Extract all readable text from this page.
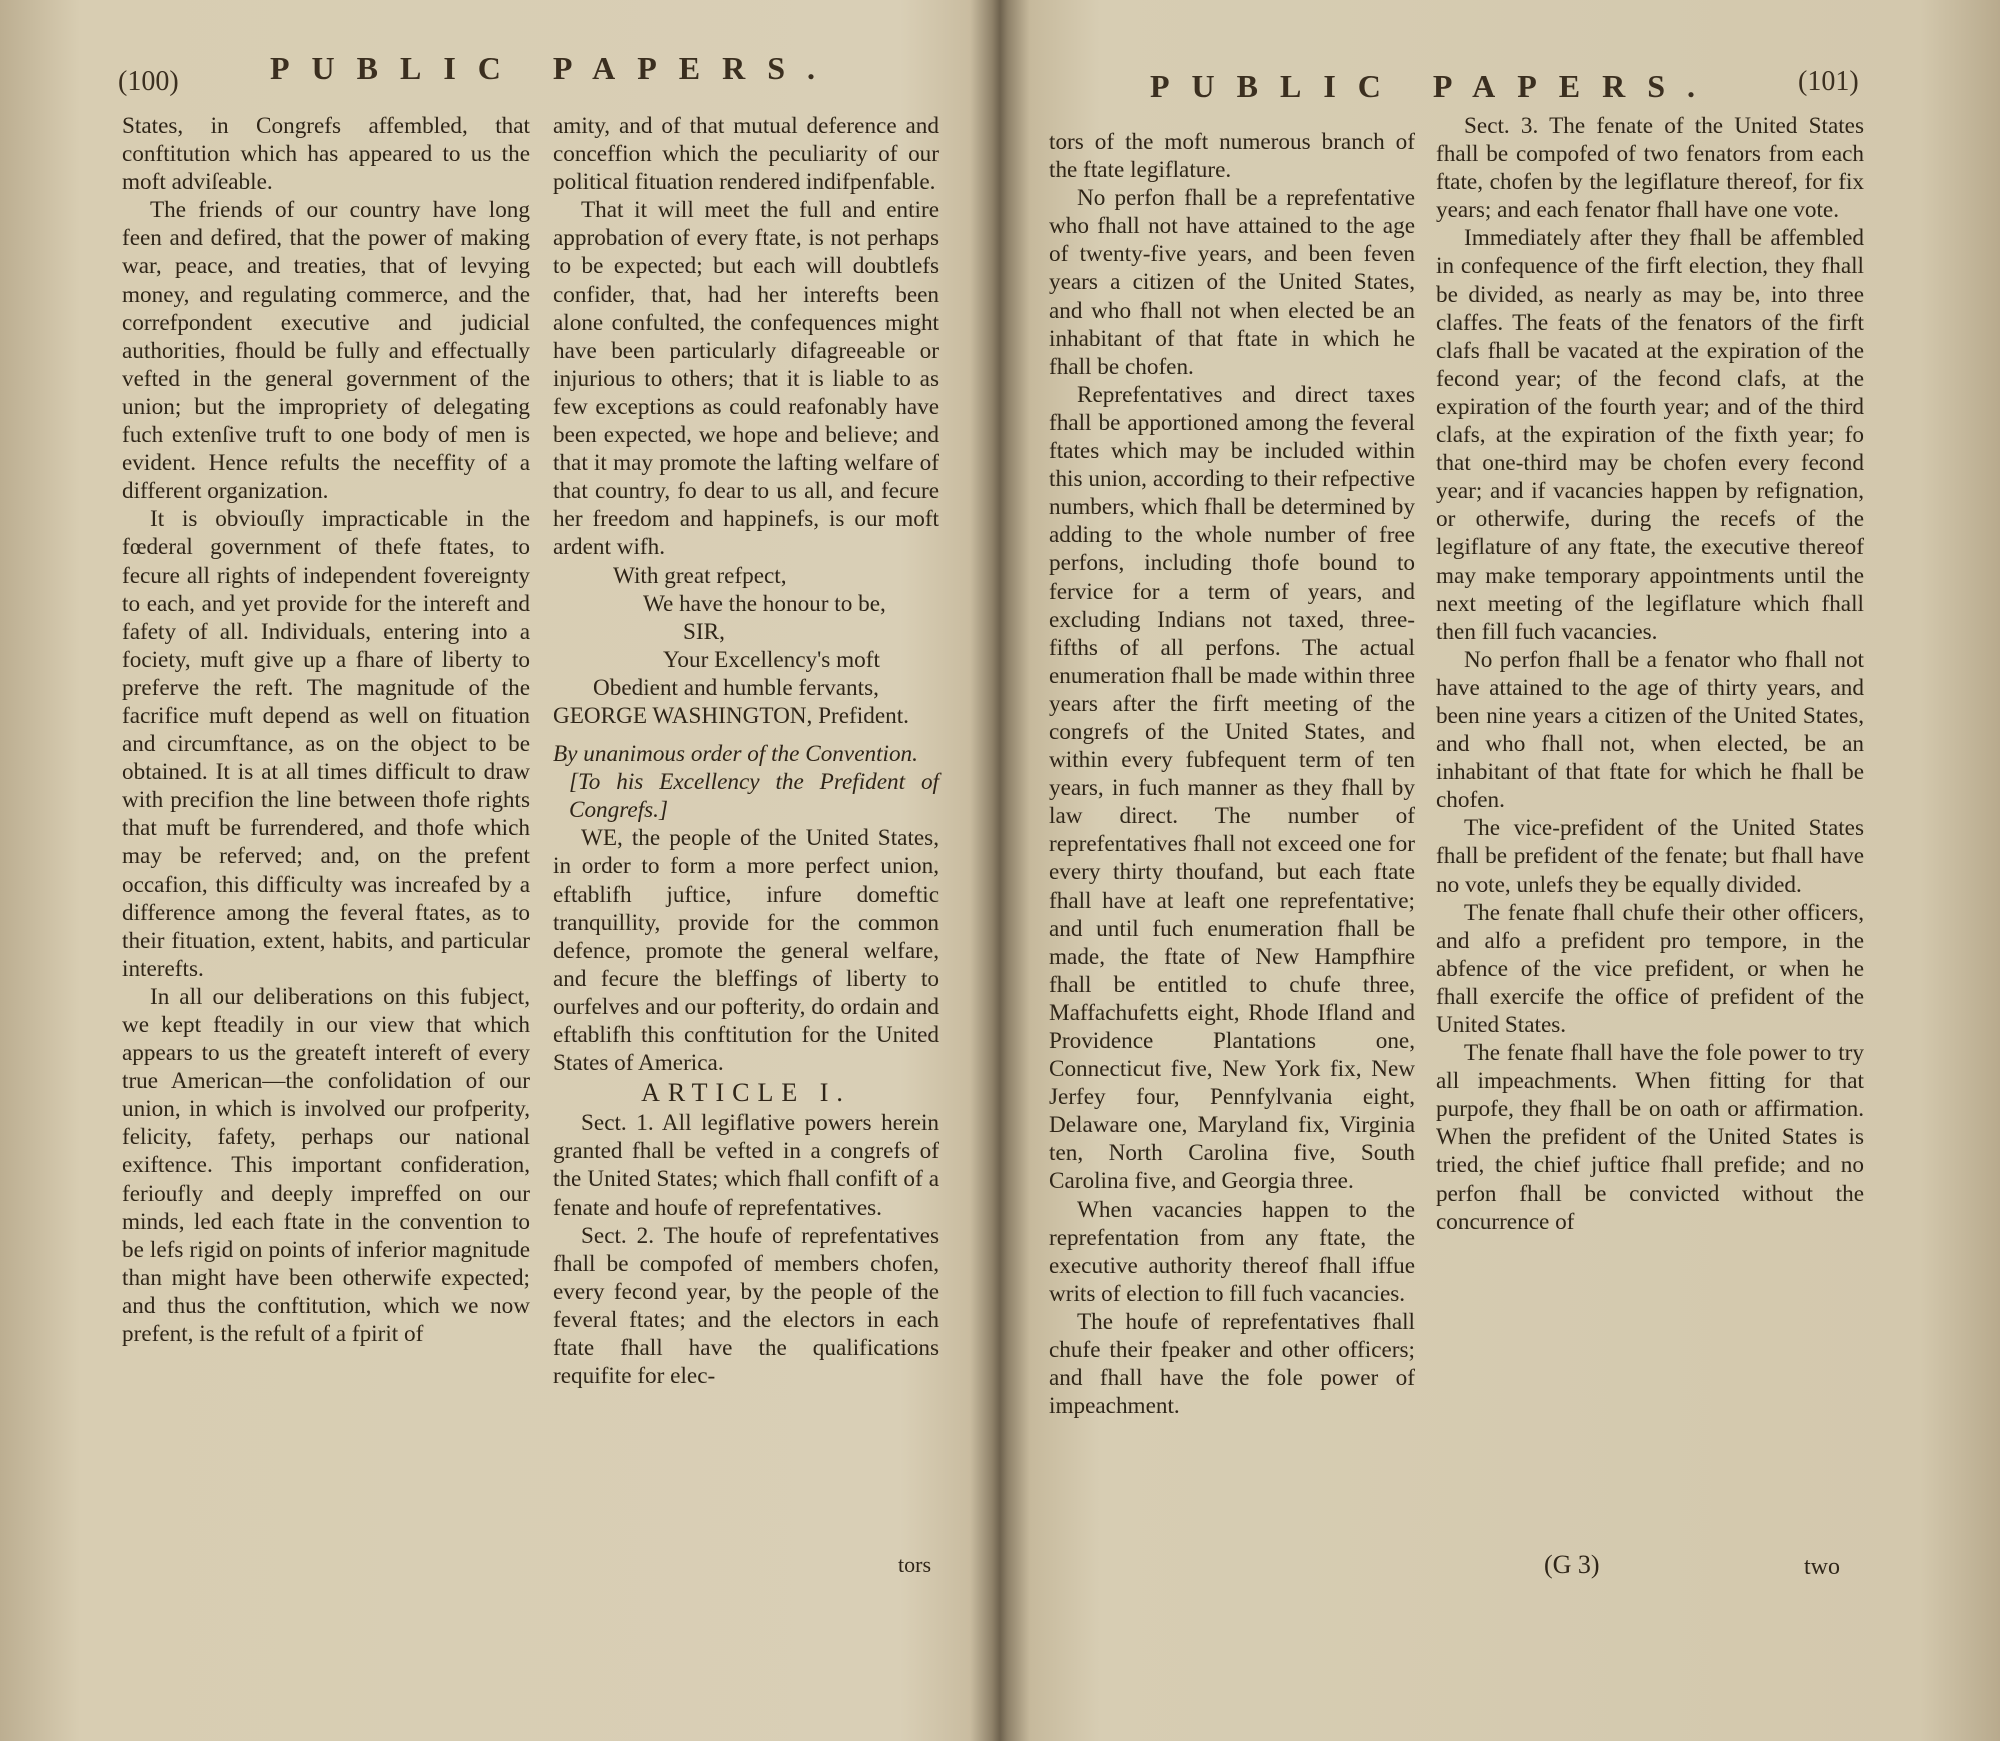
(100)	PUBLIC PAPERS.

States, in Congrefs affembled, that conftitution which has appeared to us the moft adviſeable.

The friends of our country have long feen and defired, that the power of making war, peace, and treaties, that of levying money, and regulating commerce, and the correfpondent executive and judicial authorities, fhould be fully and effectually vefted in the general government of the union; but the impropriety of delegating fuch extenſive truft to one body of men is evident. Hence refults the neceffity of a different organization.

It is obviouſly impracticable in the fœderal government of thefe ftates, to fecure all rights of independent fovereignty to each, and yet provide for the intereft and fafety of all. Individuals, entering into a fociety, muft give up a fhare of liberty to preferve the reft. The magnitude of the facrifice muft depend as well on fituation and circumftance, as on the object to be obtained. It is at all times difficult to draw with precifion the line between thofe rights that muft be furrendered, and thofe which may be referved; and, on the prefent occafion, this difficulty was increafed by a difference among the feveral ftates, as to their fituation, extent, habits, and particular interefts.

In all our deliberations on this fubject, we kept fteadily in our view that which appears to us the greateft intereft of every true American—the confolidation of our union, in which is involved our profperity, felicity, fafety, perhaps our national exiftence. This important confideration, ferioufly and deeply impreffed on our minds, led each ftate in the convention to be lefs rigid on points of inferior magnitude than might have been otherwife expected; and thus the conftitution, which we now prefent, is the refult of a fpirit of

amity, and of that mutual deference and conceffion which the peculiarity of our political fituation rendered indifpenfable.

That it will meet the full and entire approbation of every ftate, is not perhaps to be expected; but each will doubtlefs confider, that, had her interefts been alone confulted, the confequences might have been particularly difagreeable or injurious to others; that it is liable to as few exceptions as could reafonably have been expected, we hope and believe; and that it may promote the lafting welfare of that country, fo dear to us all, and fecure her freedom and happinefs, is our moft ardent wifh.

With great refpect,
We have the honour to be,
SIR,
Your Excellency's moft
Obedient and humble fervants,
GEORGE WASHINGTON, Prefident.

By unanimous order of the Convention.

[To his Excellency the Prefident of Congrefs.]

WE, the people of the United States, in order to form a more perfect union, eftablifh juftice, infure domeftic tranquillity, provide for the common defence, promote the general welfare, and fecure the bleffings of liberty to ourfelves and our pofterity, do ordain and eftablifh this conftitution for the United States of America.

ARTICLE I.

Sect. 1. All legiflative powers herein granted fhall be vefted in a congrefs of the United States; which fhall confift of a fenate and houfe of reprefentatives.

Sect. 2. The houfe of reprefentatives fhall be compofed of members chofen, every fecond year, by the people of the feveral ftates; and the electors in each ftate fhall have the qualifications requifite for elec-

tors
PUBLIC PAPERS.	(101)

tors of the moft numerous branch of the ftate legiflature.

No perfon fhall be a reprefentative who fhall not have attained to the age of twenty-five years, and been feven years a citizen of the United States, and who fhall not when elected be an inhabitant of that ftate in which he fhall be chofen.

Reprefentatives and direct taxes fhall be apportioned among the feveral ftates which may be included within this union, according to their refpective numbers, which fhall be determined by adding to the whole number of free perfons, including thofe bound to fervice for a term of years, and excluding Indians not taxed, three-fifths of all perfons. The actual enumeration fhall be made within three years after the firft meeting of the congrefs of the United States, and within every fubfequent term of ten years, in fuch manner as they fhall by law direct. The number of reprefentatives fhall not exceed one for every thirty thoufand, but each ftate fhall have at leaft one reprefentative; and until fuch enumeration fhall be made, the ftate of New Hampfhire fhall be entitled to chufe three, Maffachufetts eight, Rhode Ifland and Providence Plantations one, Connecticut five, New York fix, New Jerfey four, Pennfylvania eight, Delaware one, Maryland fix, Virginia ten, North Carolina five, South Carolina five, and Georgia three.

When vacancies happen to the reprefentation from any ftate, the executive authority thereof fhall iffue writs of election to fill fuch vacancies.

The houfe of reprefentatives fhall chufe their fpeaker and other officers; and fhall have the fole power of impeachment.

Sect. 3. The fenate of the United States fhall be compofed of two fenators from each ftate, chofen by the legiflature thereof, for fix years; and each fenator fhall have one vote.

Immediately after they fhall be affembled in confequence of the firft election, they fhall be divided, as nearly as may be, into three claffes. The feats of the fenators of the firft clafs fhall be vacated at the expiration of the fecond year; of the fecond clafs, at the expiration of the fourth year; and of the third clafs, at the expiration of the fixth year; fo that one-third may be chofen every fecond year; and if vacancies happen by refignation, or otherwife, during the recefs of the legiflature of any ftate, the executive thereof may make temporary appointments until the next meeting of the legiflature which fhall then fill fuch vacancies.

No perfon fhall be a fenator who fhall not have attained to the age of thirty years, and been nine years a citizen of the United States, and who fhall not, when elected, be an inhabitant of that ftate for which he fhall be chofen.

The vice-prefident of the United States fhall be prefident of the fenate; but fhall have no vote, unlefs they be equally divided.

The fenate fhall chufe their other officers, and alfo a prefident pro tempore, in the abfence of the vice prefident, or when he fhall exercife the office of prefident of the United States.

The fenate fhall have the fole power to try all impeachments. When fitting for that purpofe, they fhall be on oath or affirmation. When the prefident of the United States is tried, the chief juftice fhall prefide; and no perfon fhall be convicted without the concurrence of

(G 3)	two
